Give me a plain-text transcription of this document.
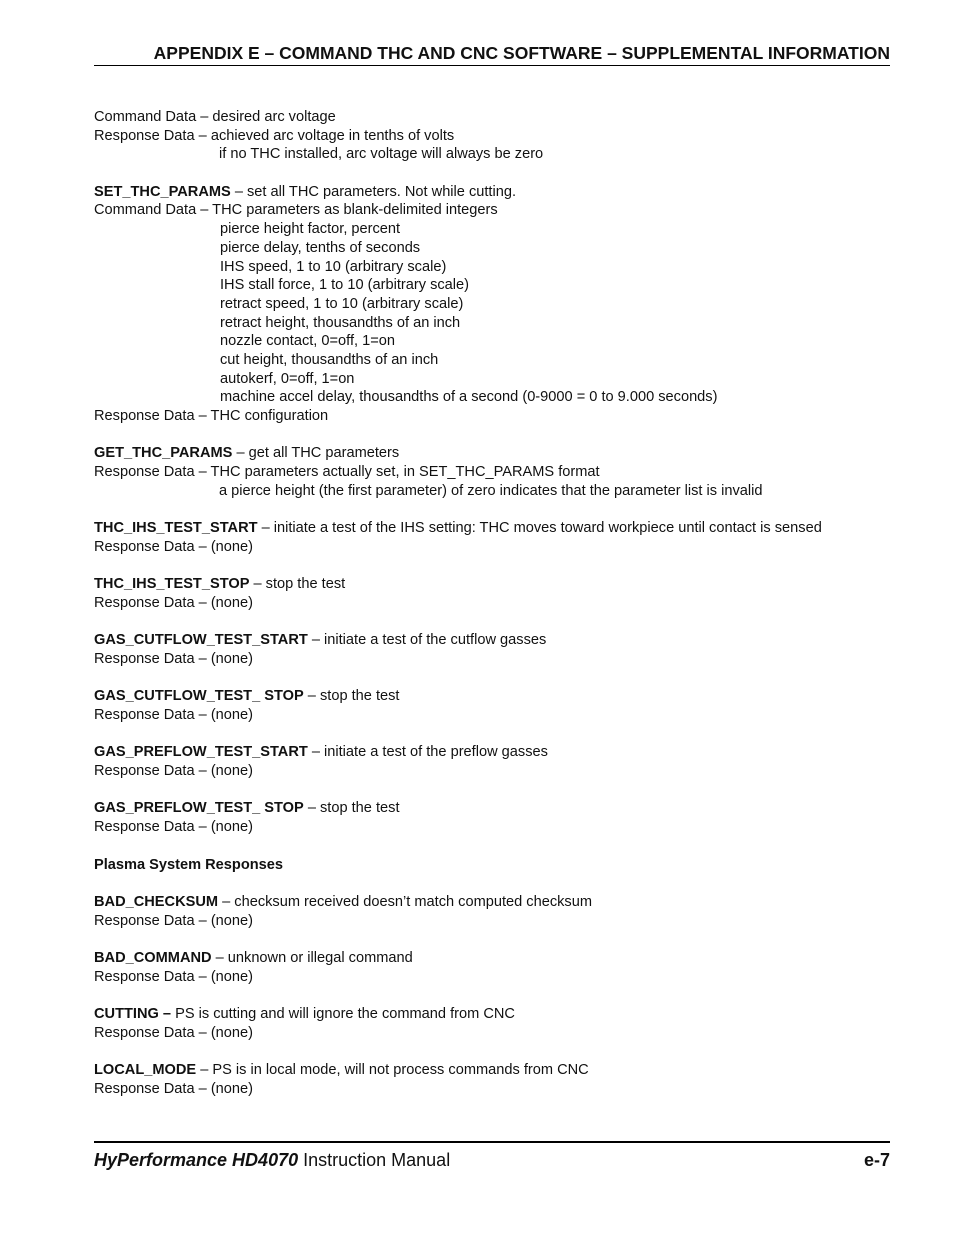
APPENDIX E – COMMAND THC AND CNC SOFTWARE – SUPPLEMENTAL INFORMATION
Command Data – desired arc voltage
Response Data – achieved arc voltage in tenths of volts
if no THC installed, arc voltage will always be zero
SET_THC_PARAMS – set all THC parameters. Not while cutting.
Command Data – THC parameters as blank-delimited integers
pierce height factor, percent
pierce delay, tenths of seconds
IHS speed, 1 to 10 (arbitrary scale)
IHS stall force, 1 to 10 (arbitrary scale)
retract speed, 1 to 10 (arbitrary scale)
retract height, thousandths of an inch
nozzle contact, 0=off, 1=on
cut height, thousandths of an inch
autokerf, 0=off, 1=on
machine accel delay, thousandths of a second (0-9000 = 0 to 9.000 seconds)
Response Data – THC configuration
GET_THC_PARAMS – get all THC parameters
Response Data – THC parameters actually set, in SET_THC_PARAMS format
a pierce height (the first parameter) of zero indicates that the parameter list is invalid
THC_IHS_TEST_START – initiate a test of the IHS setting: THC moves toward workpiece until contact is sensed
Response Data – (none)
THC_IHS_TEST_STOP – stop the test
Response Data – (none)
GAS_CUTFLOW_TEST_START – initiate a test of the cutflow gasses
Response Data – (none)
GAS_CUTFLOW_TEST_ STOP – stop the test
Response Data – (none)
GAS_PREFLOW_TEST_START – initiate a test of the preflow gasses
Response Data – (none)
GAS_PREFLOW_TEST_ STOP – stop the test
Response Data – (none)
Plasma System Responses
BAD_CHECKSUM – checksum received doesn’t match computed checksum
Response Data – (none)
BAD_COMMAND – unknown or illegal command
Response Data – (none)
CUTTING – PS is cutting and will ignore the command from CNC
Response Data – (none)
LOCAL_MODE – PS is in local mode, will not process commands from CNC
Response Data – (none)
HyPerformance HD4070 Instruction Manual	e-7
